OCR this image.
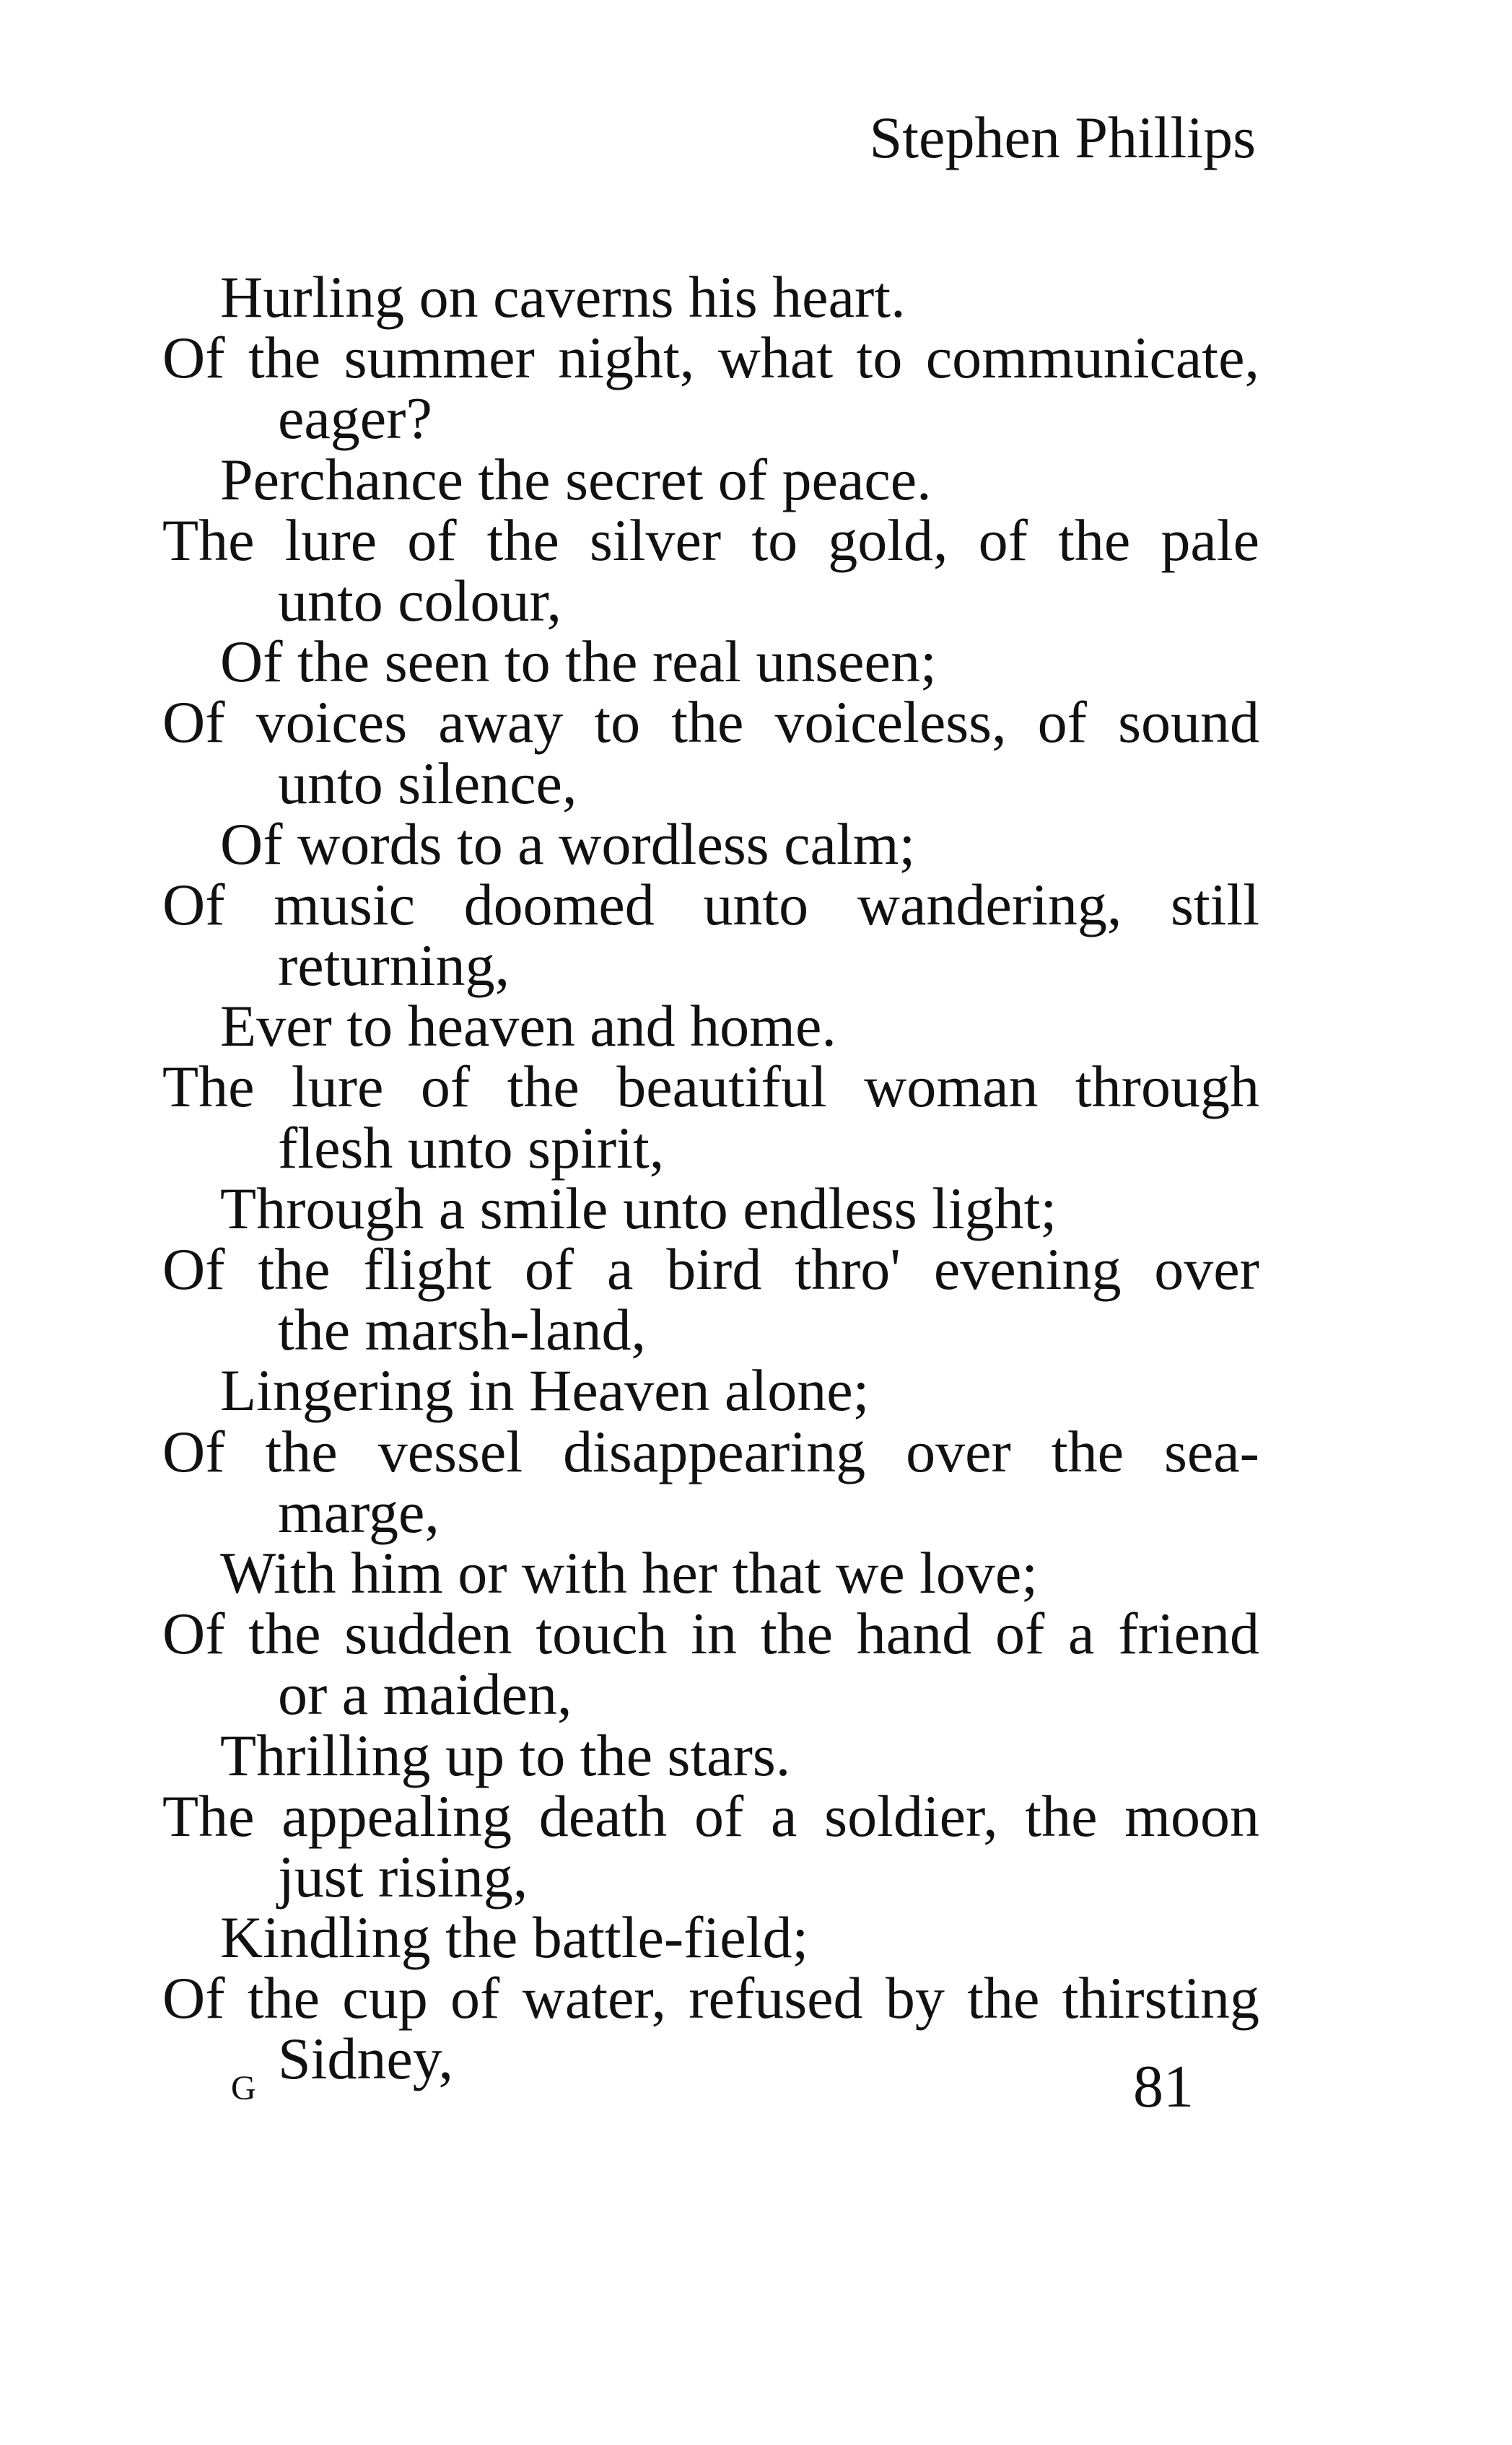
Stephen Phillips
Hurling on caverns his heart.
Of the summer night, what to communicate,
eager?
Perchance the secret of peace.
The lure of the silver to gold, of the pale
unto colour,
Of the seen to the real unseen;
Of voices away to the voiceless, of sound
unto silence,
Of words to a wordless calm;
Of music doomed unto wandering, still
returning,
Ever to heaven and home.
The lure of the beautiful woman through
flesh unto spirit,
Through a smile unto endless light;
Of the flight of a bird thro' evening over
the marsh-land,
Lingering in Heaven alone;
Of the vessel disappearing over the sea-
marge,
With him or with her that we love;
Of the sudden touch in the hand of a friend
or a maiden,
Thrilling up to the stars.
The appealing death of a soldier, the moon
just rising,
Kindling the battle-field;
Of the cup of water, refused by the thirsting
Sidney,
G	81
